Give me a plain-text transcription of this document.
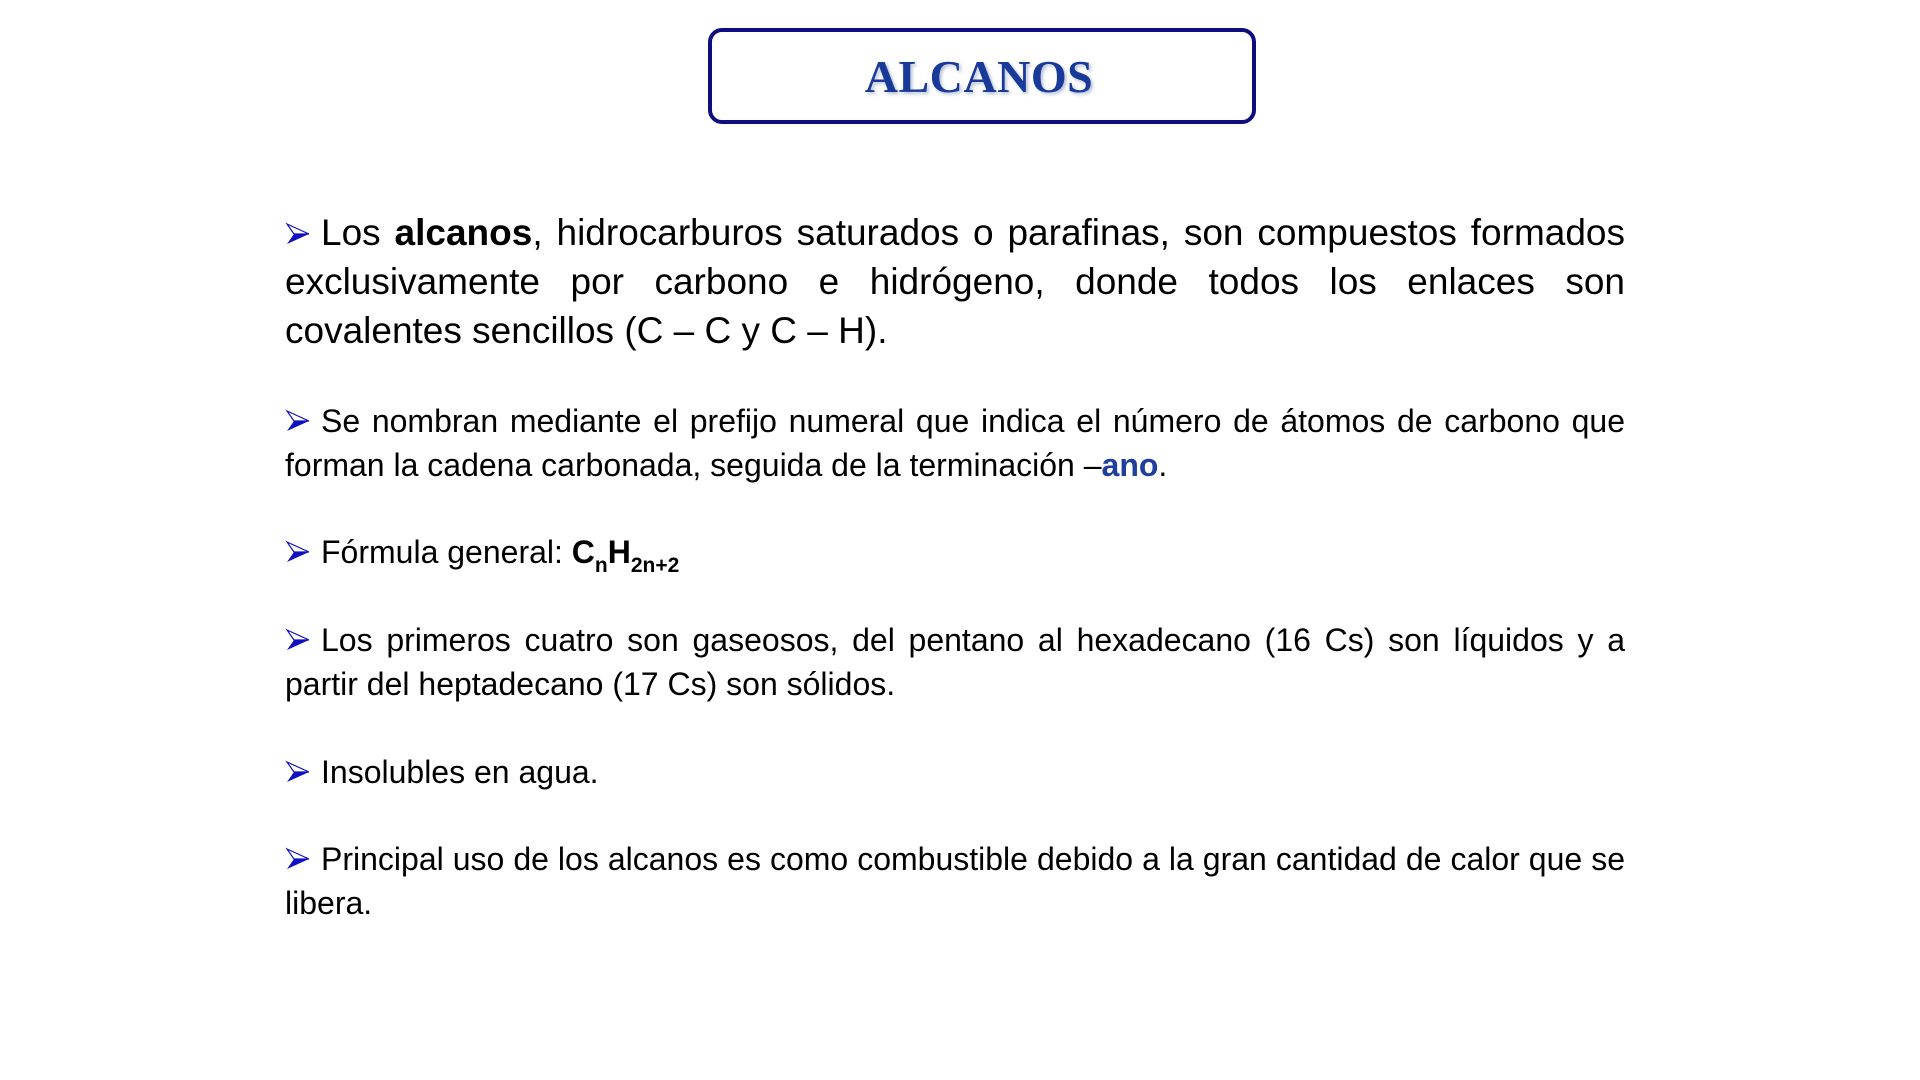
ALCANOS

Los alcanos, hidrocarburos saturados o parafinas, son compuestos formados exclusivamente por carbono e hidrógeno, donde todos los enlaces son covalentes sencillos (C – C y C – H).

Se nombran mediante el prefijo numeral que indica el número de átomos de carbono que forman la cadena carbonada, seguida de la terminación –ano.

Fórmula general: $C_nH_{2n+2}$

Los primeros cuatro son gaseosos, del pentano al hexadecano (16 Cs) son líquidos y a partir del heptadecano (17 Cs) son sólidos.

Insolubles en agua.

Principal uso de los alcanos es como combustible debido a la gran cantidad de calor que se libera.
